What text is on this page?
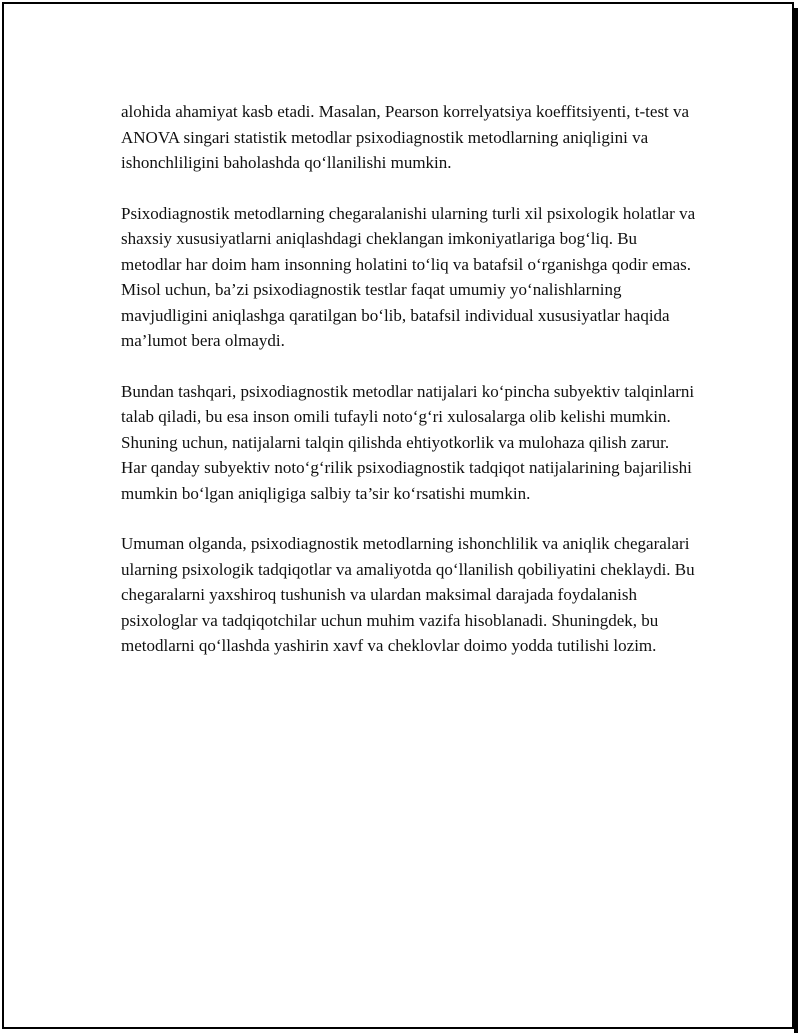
alohida ahamiyat kasb etadi. Masalan, Pearson korrelyatsiya koeffitsiyenti, t-test va ANOVA singari statistik metodlar psixodiagnostik metodlarning aniqligini va ishonchliligini baholashda qo‘llanilishi mumkin.

Psixodiagnostik metodlarning chegaralanishi ularning turli xil psixologik holatlar va shaxsiy xususiyatlarni aniqlashdagi cheklangan imkoniyatlariga bog‘liq. Bu metodlar har doim ham insonning holatini to‘liq va batafsil o‘rganishga qodir emas. Misol uchun, ba’zi psixodiagnostik testlar faqat umumiy yo‘nalishlarning mavjudligini aniqlashga qaratilgan bo‘lib, batafsil individual xususiyatlar haqida ma’lumot bera olmaydi.

Bundan tashqari, psixodiagnostik metodlar natijalari ko‘pincha subyektiv talqinlarni talab qiladi, bu esa inson omili tufayli noto‘g‘ri xulosalarga olib kelishi mumkin. Shuning uchun, natijalarni talqin qilishda ehtiyotkorlik va mulohaza qilish zarur. Har qanday subyektiv noto‘g‘rilik psixodiagnostik tadqiqot natijalarining bajarilishi mumkin bo‘lgan aniqligiga salbiy ta’sir ko‘rsatishi mumkin.

Umuman olganda, psixodiagnostik metodlarning ishonchlilik va aniqlik chegaralari ularning psixologik tadqiqotlar va amaliyotda qo‘llanilish qobiliyatini cheklaydi. Bu chegaralarni yaxshiroq tushunish va ulardan maksimal darajada foydalanish psixologlar va tadqiqotchilar uchun muhim vazifa hisoblanadi. Shuningdek, bu metodlarni qo‘llashda yashirin xavf va cheklovlar doimo yodda tutilishi lozim.
